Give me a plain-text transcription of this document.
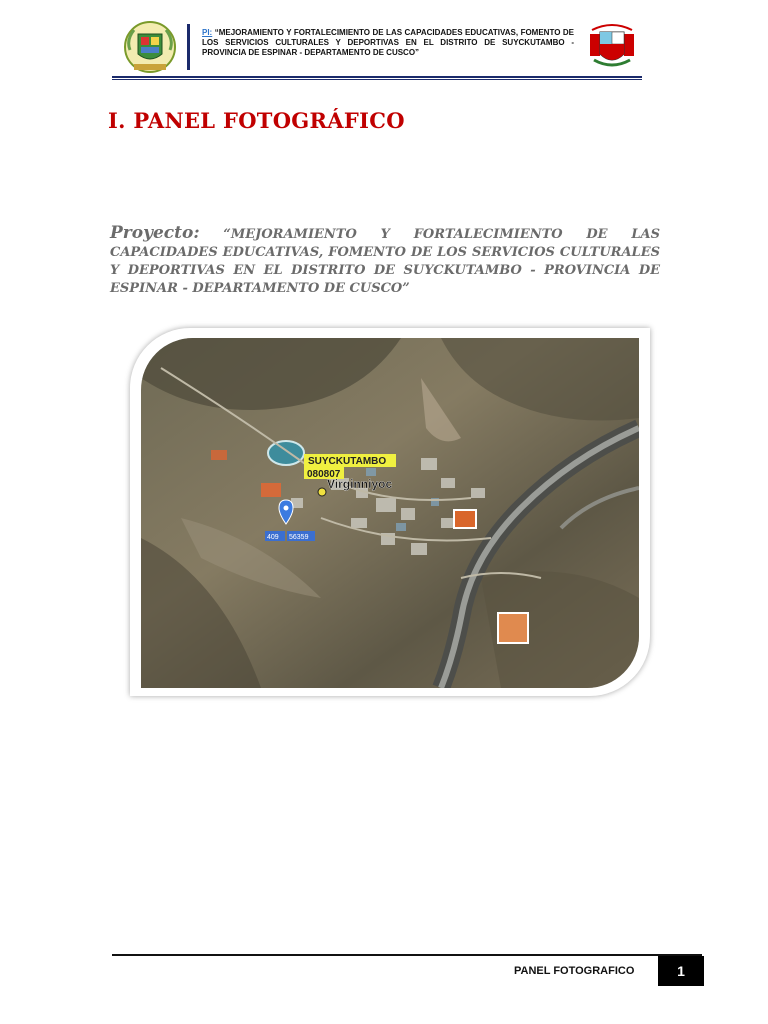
PI: “MEJORAMIENTO Y FORTALECIMIENTO DE LAS CAPACIDADES EDUCATIVAS, FOMENTO DE LOS SERVICIOS CULTURALES Y DEPORTIVAS EN EL DISTRITO DE SUYCKUTAMBO - PROVINCIA DE ESPINAR - DEPARTAMENTO DE CUSCO”
I. PANEL FOTOGRÁFICO

Proyecto: “MEJORAMIENTO Y FORTALECIMIENTO DE LAS CAPACIDADES EDUCATIVAS, FOMENTO DE LOS SERVICIOS CULTURALES Y DEPORTIVAS EN EL DISTRITO DE SUYCKUTAMBO - PROVINCIA DE ESPINAR - DEPARTAMENTO DE CUSCO”

SUYCKUTAMBO
080807
Virginniyoc
409 56359
PANEL FOTOGRAFICO	1
